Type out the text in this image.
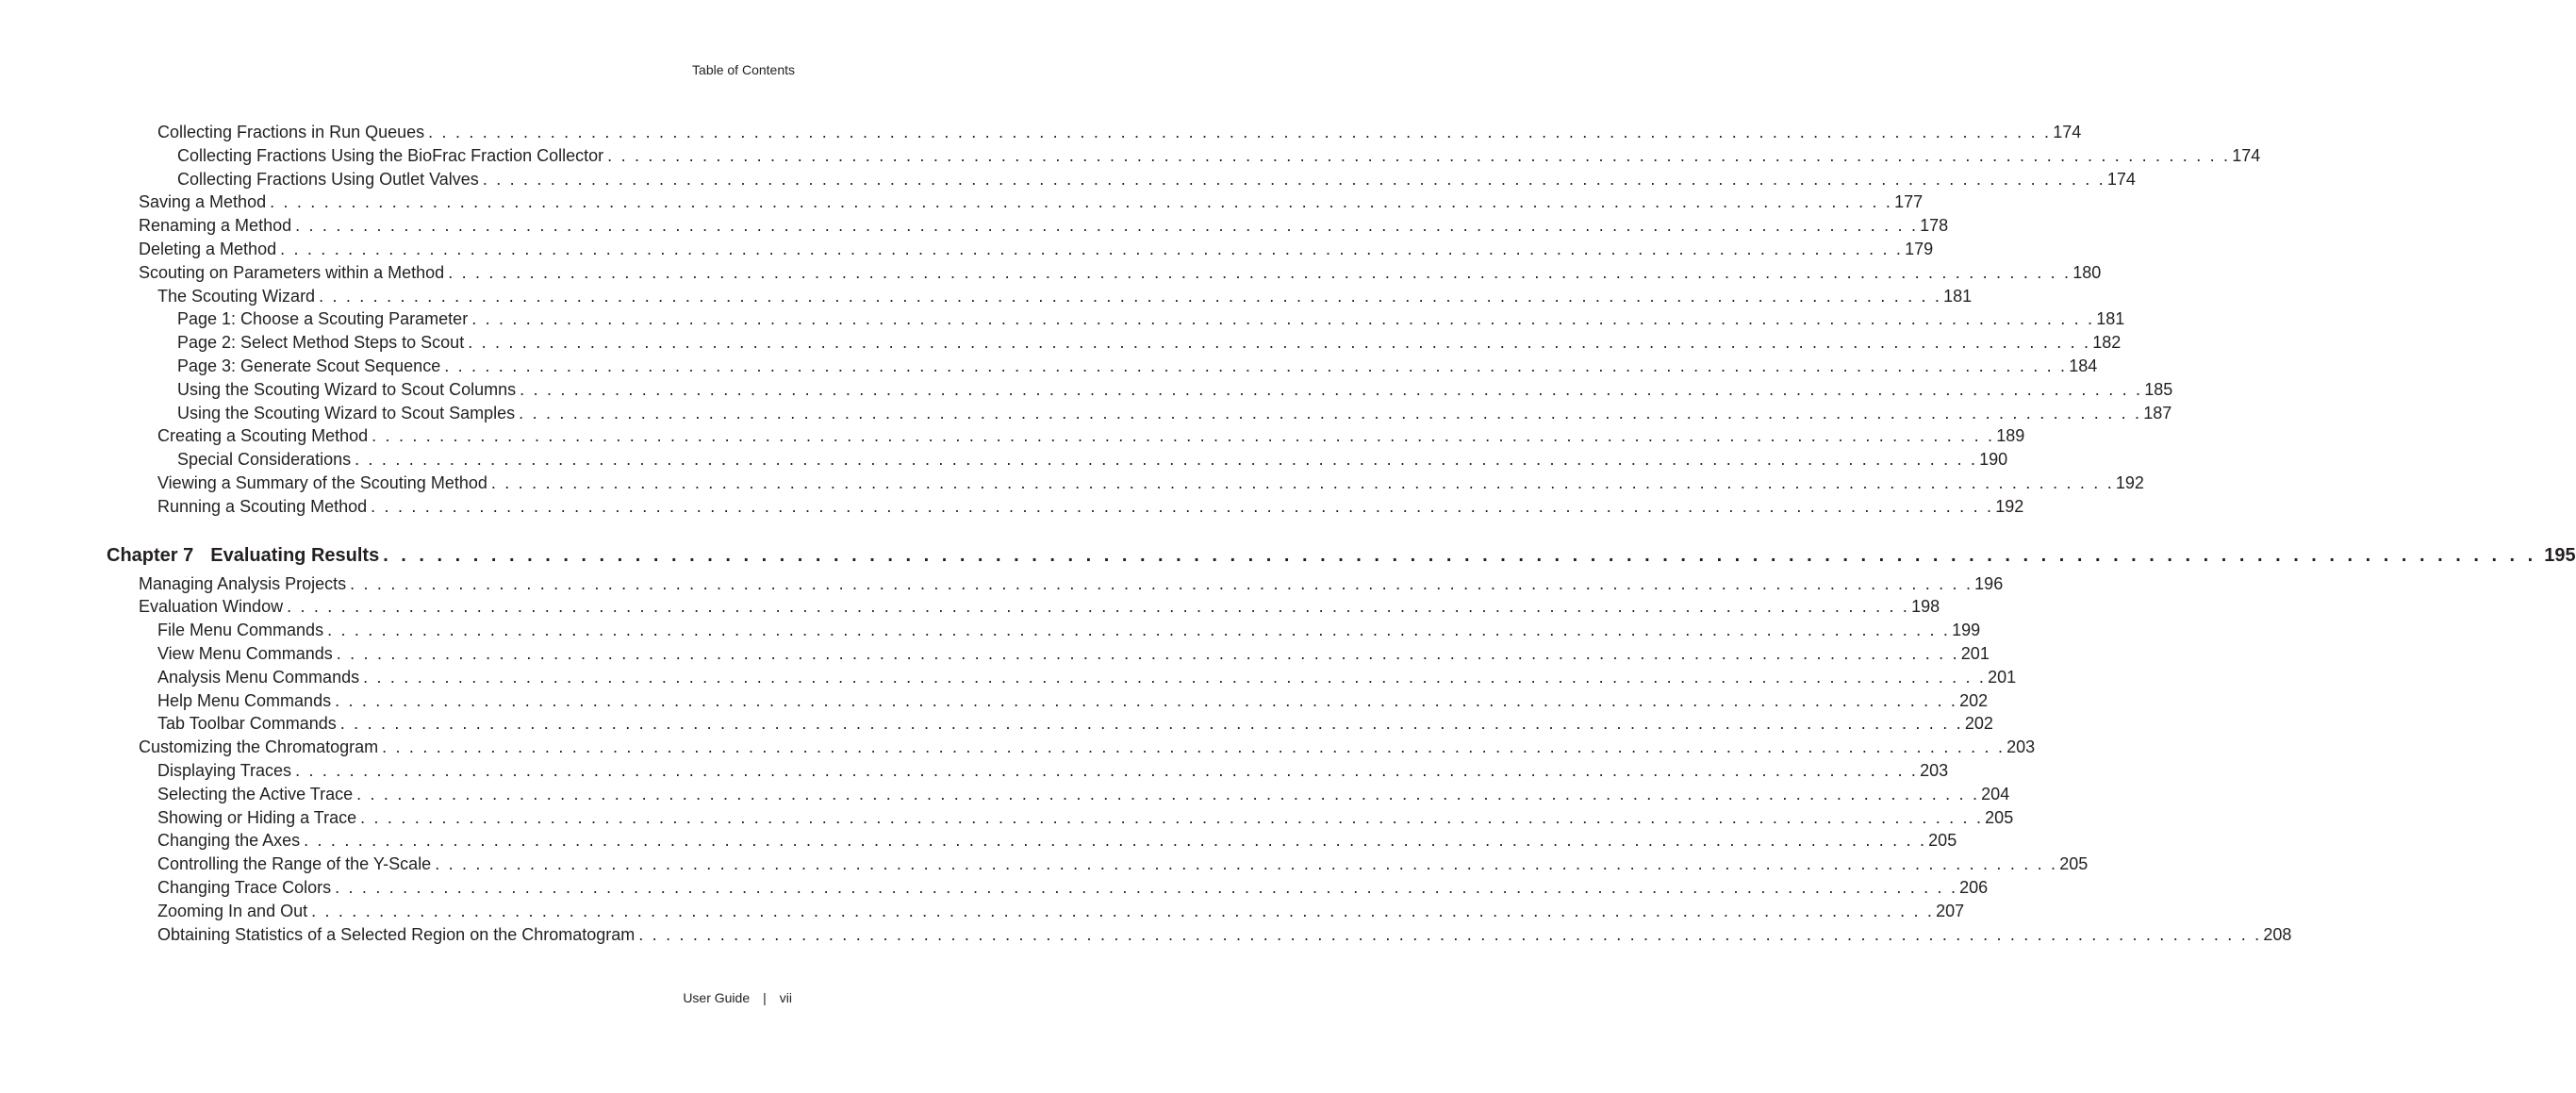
Table of Contents
Collecting Fractions in Run Queues . . . . . . . . . . . . . . . . . . . . . . . . . . . . . . . . . . . . . . . . . . . . . . . . . . . . . . . . . . . . . . . . . . . . . . . . . . . . . . . . . . . . . . . . . . . . . . . . . . . . . . . . . . . . . . . . . . . . . . . . 174
Collecting Fractions Using the BioFrac Fraction Collector . . . . . . . . . . . . . . . . . . . . . . . . . . . . . . . . . . . . . . . . . . . . . . . . . . . . . . . . . . . . . . . . . . . . . . . . . . . . . . . . . . . . . . . . . . . . . . . . . . . . . . . . . . . . . . . . . . . . . . . . 174
Collecting Fractions Using Outlet Valves . . . . . . . . . . . . . . . . . . . . . . . . . . . . . . . . . . . . . . . . . . . . . . . . . . . . . . . . . . . . . . . . . . . . . . . . . . . . . . . . . . . . . . . . . . . . . . . . . . . . . . . . . . . . . . . . . . . . . . . . 174
Saving a Method . . . . . . . . . . . . . . . . . . . . . . . . . . . . . . . . . . . . . . . . . . . . . . . . . . . . . . . . . . . . . . . . . . . . . . . . . . . . . . . . . . . . . . . . . . . . . . . . . . . . . . . . . . . . . . . . . . . . . . . . 177
Renaming a Method . . . . . . . . . . . . . . . . . . . . . . . . . . . . . . . . . . . . . . . . . . . . . . . . . . . . . . . . . . . . . . . . . . . . . . . . . . . . . . . . . . . . . . . . . . . . . . . . . . . . . . . . . . . . . . . . . . . . . . . . 178
Deleting a Method . . . . . . . . . . . . . . . . . . . . . . . . . . . . . . . . . . . . . . . . . . . . . . . . . . . . . . . . . . . . . . . . . . . . . . . . . . . . . . . . . . . . . . . . . . . . . . . . . . . . . . . . . . . . . . . . . . . . . . . . 179
Scouting on Parameters within a Method . . . . . . . . . . . . . . . . . . . . . . . . . . . . . . . . . . . . . . . . . . . . . . . . . . . . . . . . . . . . . . . . . . . . . . . . . . . . . . . . . . . . . . . . . . . . . . . . . . . . . . . . . . . . . . . . . . . . . . . . 180
The Scouting Wizard . . . . . . . . . . . . . . . . . . . . . . . . . . . . . . . . . . . . . . . . . . . . . . . . . . . . . . . . . . . . . . . . . . . . . . . . . . . . . . . . . . . . . . . . . . . . . . . . . . . . . . . . . . . . . . . . . . . . . . . . 181
Page 1: Choose a Scouting Parameter . . . . . . . . . . . . . . . . . . . . . . . . . . . . . . . . . . . . . . . . . . . . . . . . . . . . . . . . . . . . . . . . . . . . . . . . . . . . . . . . . . . . . . . . . . . . . . . . . . . . . . . . . . . . . . . . . . . . . . . . 181
Page 2: Select Method Steps to Scout . . . . . . . . . . . . . . . . . . . . . . . . . . . . . . . . . . . . . . . . . . . . . . . . . . . . . . . . . . . . . . . . . . . . . . . . . . . . . . . . . . . . . . . . . . . . . . . . . . . . . . . . . . . . . . . . . . . . . . . . 182
Page 3: Generate Scout Sequence . . . . . . . . . . . . . . . . . . . . . . . . . . . . . . . . . . . . . . . . . . . . . . . . . . . . . . . . . . . . . . . . . . . . . . . . . . . . . . . . . . . . . . . . . . . . . . . . . . . . . . . . . . . . . . . . . . . . . . . . 184
Using the Scouting Wizard to Scout Columns . . . . . . . . . . . . . . . . . . . . . . . . . . . . . . . . . . . . . . . . . . . . . . . . . . . . . . . . . . . . . . . . . . . . . . . . . . . . . . . . . . . . . . . . . . . . . . . . . . . . . . . . . . . . . . . . . . . . . . . . 185
Using the Scouting Wizard to Scout Samples . . . . . . . . . . . . . . . . . . . . . . . . . . . . . . . . . . . . . . . . . . . . . . . . . . . . . . . . . . . . . . . . . . . . . . . . . . . . . . . . . . . . . . . . . . . . . . . . . . . . . . . . . . . . . . . . . . . . . . . . 187
Creating a Scouting Method . . . . . . . . . . . . . . . . . . . . . . . . . . . . . . . . . . . . . . . . . . . . . . . . . . . . . . . . . . . . . . . . . . . . . . . . . . . . . . . . . . . . . . . . . . . . . . . . . . . . . . . . . . . . . . . . . . . . . . . . 189
Special Considerations . . . . . . . . . . . . . . . . . . . . . . . . . . . . . . . . . . . . . . . . . . . . . . . . . . . . . . . . . . . . . . . . . . . . . . . . . . . . . . . . . . . . . . . . . . . . . . . . . . . . . . . . . . . . . . . . . . . . . . . . 190
Viewing a Summary of the Scouting Method . . . . . . . . . . . . . . . . . . . . . . . . . . . . . . . . . . . . . . . . . . . . . . . . . . . . . . . . . . . . . . . . . . . . . . . . . . . . . . . . . . . . . . . . . . . . . . . . . . . . . . . . . . . . . . . . . . . . . . . . 192
Running a Scouting Method . . . . . . . . . . . . . . . . . . . . . . . . . . . . . . . . . . . . . . . . . . . . . . . . . . . . . . . . . . . . . . . . . . . . . . . . . . . . . . . . . . . . . . . . . . . . . . . . . . . . . . . . . . . . . . . . . . . . . . . . 192
Chapter 7 Evaluating Results . . . . . . . . . . . . . . . . . . . . . . . . . . . . . . . . . . . . . . . . . . . . . . . . . . . . . . . . . . . . . . . . . . . . . . . . . . . . . . . . . . . . . . . . . . . . . . . . . . . . . . . . . . . . . . . . . . . . . . . . 195
Managing Analysis Projects . . . . . . . . . . . . . . . . . . . . . . . . . . . . . . . . . . . . . . . . . . . . . . . . . . . . . . . . . . . . . . . . . . . . . . . . . . . . . . . . . . . . . . . . . . . . . . . . . . . . . . . . . . . . . . . . . . . . . . . . 196
Evaluation Window . . . . . . . . . . . . . . . . . . . . . . . . . . . . . . . . . . . . . . . . . . . . . . . . . . . . . . . . . . . . . . . . . . . . . . . . . . . . . . . . . . . . . . . . . . . . . . . . . . . . . . . . . . . . . . . . . . . . . . . . 198
File Menu Commands . . . . . . . . . . . . . . . . . . . . . . . . . . . . . . . . . . . . . . . . . . . . . . . . . . . . . . . . . . . . . . . . . . . . . . . . . . . . . . . . . . . . . . . . . . . . . . . . . . . . . . . . . . . . . . . . . . . . . . . . 199
View Menu Commands . . . . . . . . . . . . . . . . . . . . . . . . . . . . . . . . . . . . . . . . . . . . . . . . . . . . . . . . . . . . . . . . . . . . . . . . . . . . . . . . . . . . . . . . . . . . . . . . . . . . . . . . . . . . . . . . . . . . . . . . 201
Analysis Menu Commands . . . . . . . . . . . . . . . . . . . . . . . . . . . . . . . . . . . . . . . . . . . . . . . . . . . . . . . . . . . . . . . . . . . . . . . . . . . . . . . . . . . . . . . . . . . . . . . . . . . . . . . . . . . . . . . . . . . . . . . . 201
Help Menu Commands . . . . . . . . . . . . . . . . . . . . . . . . . . . . . . . . . . . . . . . . . . . . . . . . . . . . . . . . . . . . . . . . . . . . . . . . . . . . . . . . . . . . . . . . . . . . . . . . . . . . . . . . . . . . . . . . . . . . . . . . 202
Tab Toolbar Commands . . . . . . . . . . . . . . . . . . . . . . . . . . . . . . . . . . . . . . . . . . . . . . . . . . . . . . . . . . . . . . . . . . . . . . . . . . . . . . . . . . . . . . . . . . . . . . . . . . . . . . . . . . . . . . . . . . . . . . . . 202
Customizing the Chromatogram . . . . . . . . . . . . . . . . . . . . . . . . . . . . . . . . . . . . . . . . . . . . . . . . . . . . . . . . . . . . . . . . . . . . . . . . . . . . . . . . . . . . . . . . . . . . . . . . . . . . . . . . . . . . . . . . . . . . . . . . 203
Displaying Traces . . . . . . . . . . . . . . . . . . . . . . . . . . . . . . . . . . . . . . . . . . . . . . . . . . . . . . . . . . . . . . . . . . . . . . . . . . . . . . . . . . . . . . . . . . . . . . . . . . . . . . . . . . . . . . . . . . . . . . . . 203
Selecting the Active Trace . . . . . . . . . . . . . . . . . . . . . . . . . . . . . . . . . . . . . . . . . . . . . . . . . . . . . . . . . . . . . . . . . . . . . . . . . . . . . . . . . . . . . . . . . . . . . . . . . . . . . . . . . . . . . . . . . . . . . . . . 204
Showing or Hiding a Trace . . . . . . . . . . . . . . . . . . . . . . . . . . . . . . . . . . . . . . . . . . . . . . . . . . . . . . . . . . . . . . . . . . . . . . . . . . . . . . . . . . . . . . . . . . . . . . . . . . . . . . . . . . . . . . . . . . . . . . . . 205
Changing the Axes . . . . . . . . . . . . . . . . . . . . . . . . . . . . . . . . . . . . . . . . . . . . . . . . . . . . . . . . . . . . . . . . . . . . . . . . . . . . . . . . . . . . . . . . . . . . . . . . . . . . . . . . . . . . . . . . . . . . . . . . 205
Controlling the Range of the Y-Scale . . . . . . . . . . . . . . . . . . . . . . . . . . . . . . . . . . . . . . . . . . . . . . . . . . . . . . . . . . . . . . . . . . . . . . . . . . . . . . . . . . . . . . . . . . . . . . . . . . . . . . . . . . . . . . . . . . . . . . . . 205
Changing Trace Colors . . . . . . . . . . . . . . . . . . . . . . . . . . . . . . . . . . . . . . . . . . . . . . . . . . . . . . . . . . . . . . . . . . . . . . . . . . . . . . . . . . . . . . . . . . . . . . . . . . . . . . . . . . . . . . . . . . . . . . . . 206
Zooming In and Out . . . . . . . . . . . . . . . . . . . . . . . . . . . . . . . . . . . . . . . . . . . . . . . . . . . . . . . . . . . . . . . . . . . . . . . . . . . . . . . . . . . . . . . . . . . . . . . . . . . . . . . . . . . . . . . . . . . . . . . . 207
Obtaining Statistics of a Selected Region on the Chromatogram . . . . . . . . . . . . . . . . . . . . . . . . . . . . . . . . . . . . . . . . . . . . . . . . . . . . . . . . . . . . . . . . . . . . . . . . . . . . . . . . . . . . . . . . . . . . . . . . . . . . . . . . . . . . . . . . . . . . . . . . 208
User Guide | vii
